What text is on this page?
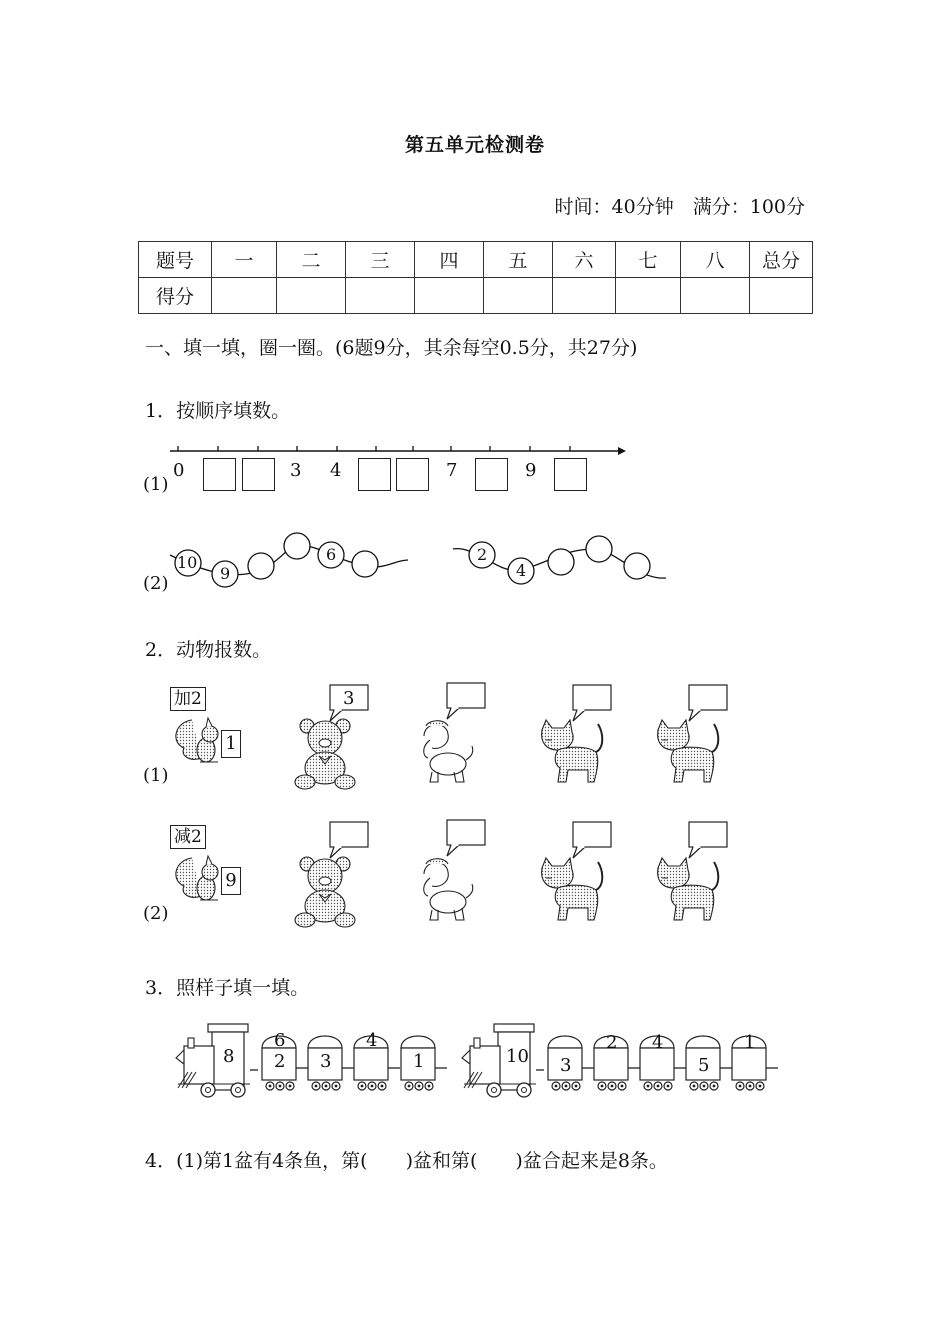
第五单元检测卷
时间：40分钟　满分：100分
题号	一	二	三	四	五	六	七	八	总分
得分									
一、填一填，圈一圈。(6题9分，其余每空0.5分，共27分)
1．按顺序填数。
(1)
0	3 4	7	9
(2)
10
9
6	2
4
2．动物报数。
(1)
加2
1
(2)
减2
9
3
3．照样子填一填。
8
6
2 3
4
1	10 3
2 4
5
1
4．(1)第1盆有4条鱼，第(　　)盆和第(　　)盆合起来是8条。
